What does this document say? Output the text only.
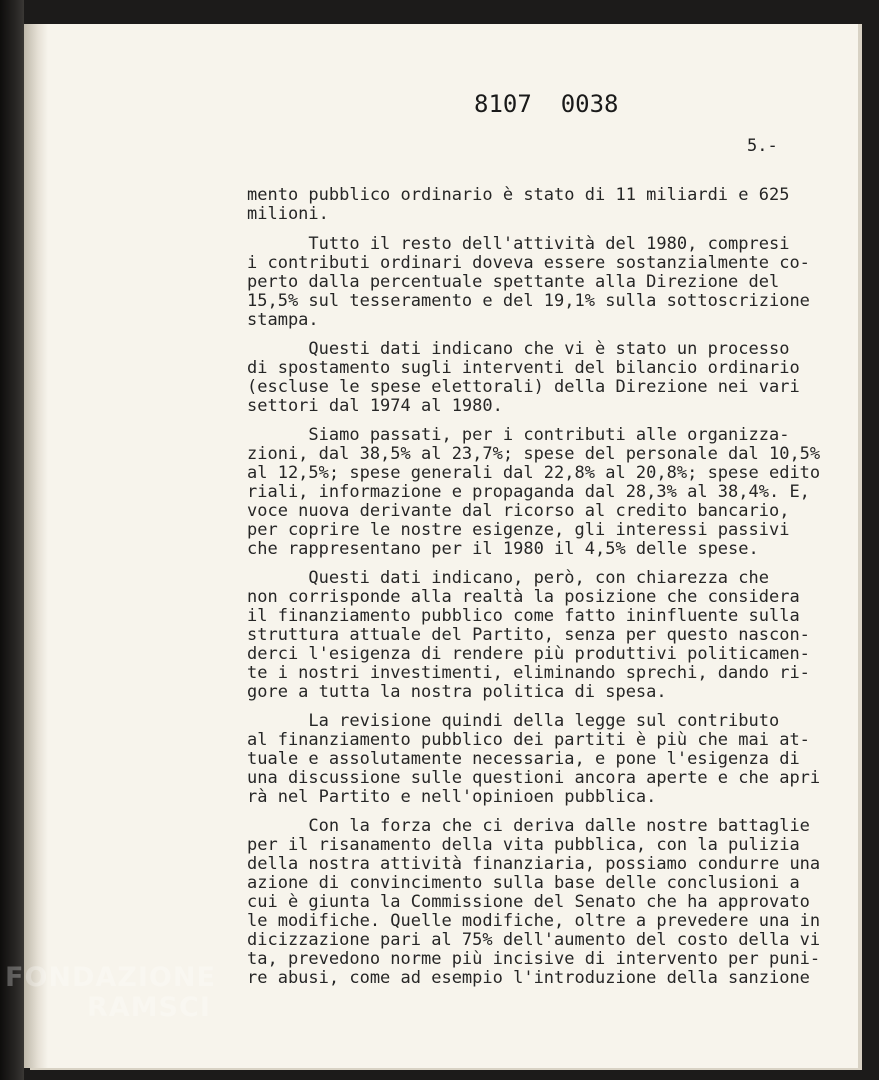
8107  0038
5.-

mento pubblico ordinario è stato di 11 miliardi e 625
milioni.

Tutto il resto dell'attività del 1980, compresi
i contributi ordinari doveva essere sostanzialmente co-
perto dalla percentuale spettante alla Direzione del
15,5% sul tesseramento e del 19,1% sulla sottoscrizione
stampa.

Questi dati indicano che vi è stato un processo
di spostamento sugli interventi del bilancio ordinario
(escluse le spese elettorali) della Direzione nei vari
settori dal 1974 al 1980.

Siamo passati, per i contributi alle organizza-
zioni, dal 38,5% al 23,7%; spese del personale dal 10,5%
al 12,5%; spese generali dal 22,8% al 20,8%; spese edito
riali, informazione e propaganda dal 28,3% al 38,4%. E,
voce nuova derivante dal ricorso al credito bancario,
per coprire le nostre esigenze, gli interessi passivi
che rappresentano per il 1980 il 4,5% delle spese.

Questi dati indicano, però, con chiarezza che
non corrisponde alla realtà la posizione che considera
il finanziamento pubblico come fatto ininfluente sulla
struttura attuale del Partito, senza per questo nascon-
derci l'esigenza di rendere più produttivi politicamen-
te i nostri investimenti, eliminando sprechi, dando ri-
gore a tutta la nostra politica di spesa.

La revisione quindi della legge sul contributo
al finanziamento pubblico dei partiti è più che mai at-
tuale e assolutamente necessaria, e pone l'esigenza di
una discussione sulle questioni ancora aperte e che apri
rà nel Partito e nell'opinioen pubblica.

Con la forza che ci deriva dalle nostre battaglie
per il risanamento della vita pubblica, con la pulizia
della nostra attività finanziaria, possiamo condurre una
azione di convincimento sulla base delle conclusioni a
cui è giunta la Commissione del Senato che ha approvato
le modifiche. Quelle modifiche, oltre a prevedere una in
dicizzazione pari al 75% dell'aumento del costo della vi
ta, prevedono norme più incisive di intervento per puni-
re abusi, come ad esempio l'introduzione della sanzione

FONDAZIONE
RAMSCI
